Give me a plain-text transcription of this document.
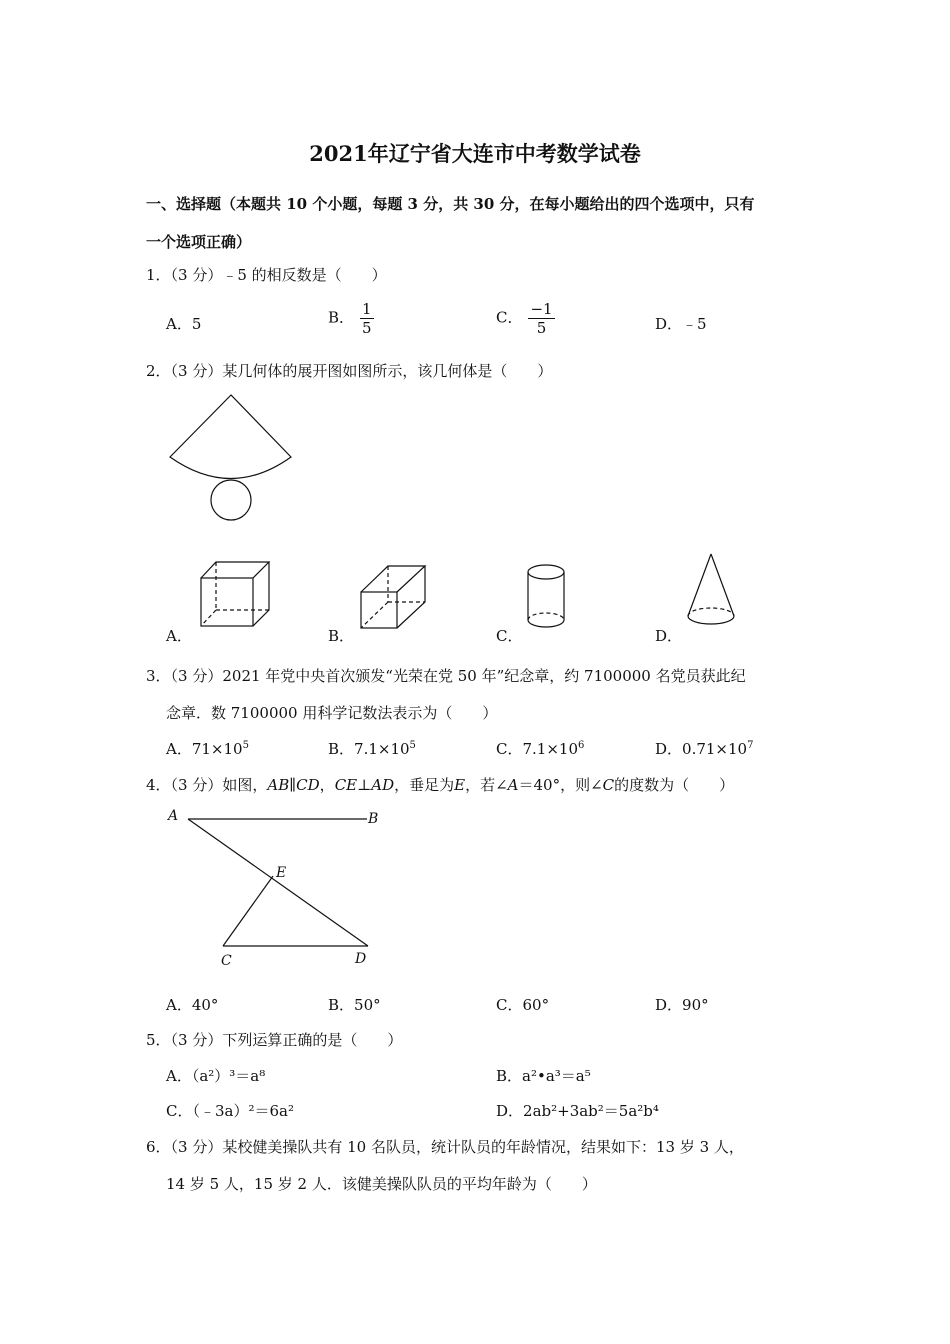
2021年辽宁省大连市中考数学试卷
一、选择题（本题共 10 个小题，每题 3 分，共 30 分，在每小题给出的四个选项中，只有
一个选项正确）
1．（3 分）﹣5 的相反数是（　　）
A．5	B． $\frac{1}{5}$	C． $\frac{-1}{5}$	D．﹣5
2．（3 分）某几何体的展开图如图所示，该几何体是（　　）
A．	B．	C．	D．
3．（3 分）2021 年党中央首次颁发“光荣在党 50 年”纪念章，约 7100000 名党员获此纪
念章．数 7100000 用科学记数法表示为（　　）
A．$71\times 10^5$	B．$7.1\times 10^5$	C．$7.1\times 10^6$	D．$0.71\times 10^7$
4．（3 分）如图，AB∥CD，CE⊥AD，垂足为E，若∠A＝40°，则∠C的度数为（　　）
A	B
E
C	D
A．40°	B．50°	C．60°	D．90°
5．（3 分）下列运算正确的是（　　）
A．（a²）³＝a⁸	B．a²•a³＝a⁵
C．（﹣3a）²＝6a²	D．2ab²+3ab²＝5a²b⁴
6．（3 分）某校健美操队共有 10 名队员，统计队员的年龄情况，结果如下：13 岁 3 人，
14 岁 5 人，15 岁 2 人．该健美操队队员的平均年龄为（　　）
